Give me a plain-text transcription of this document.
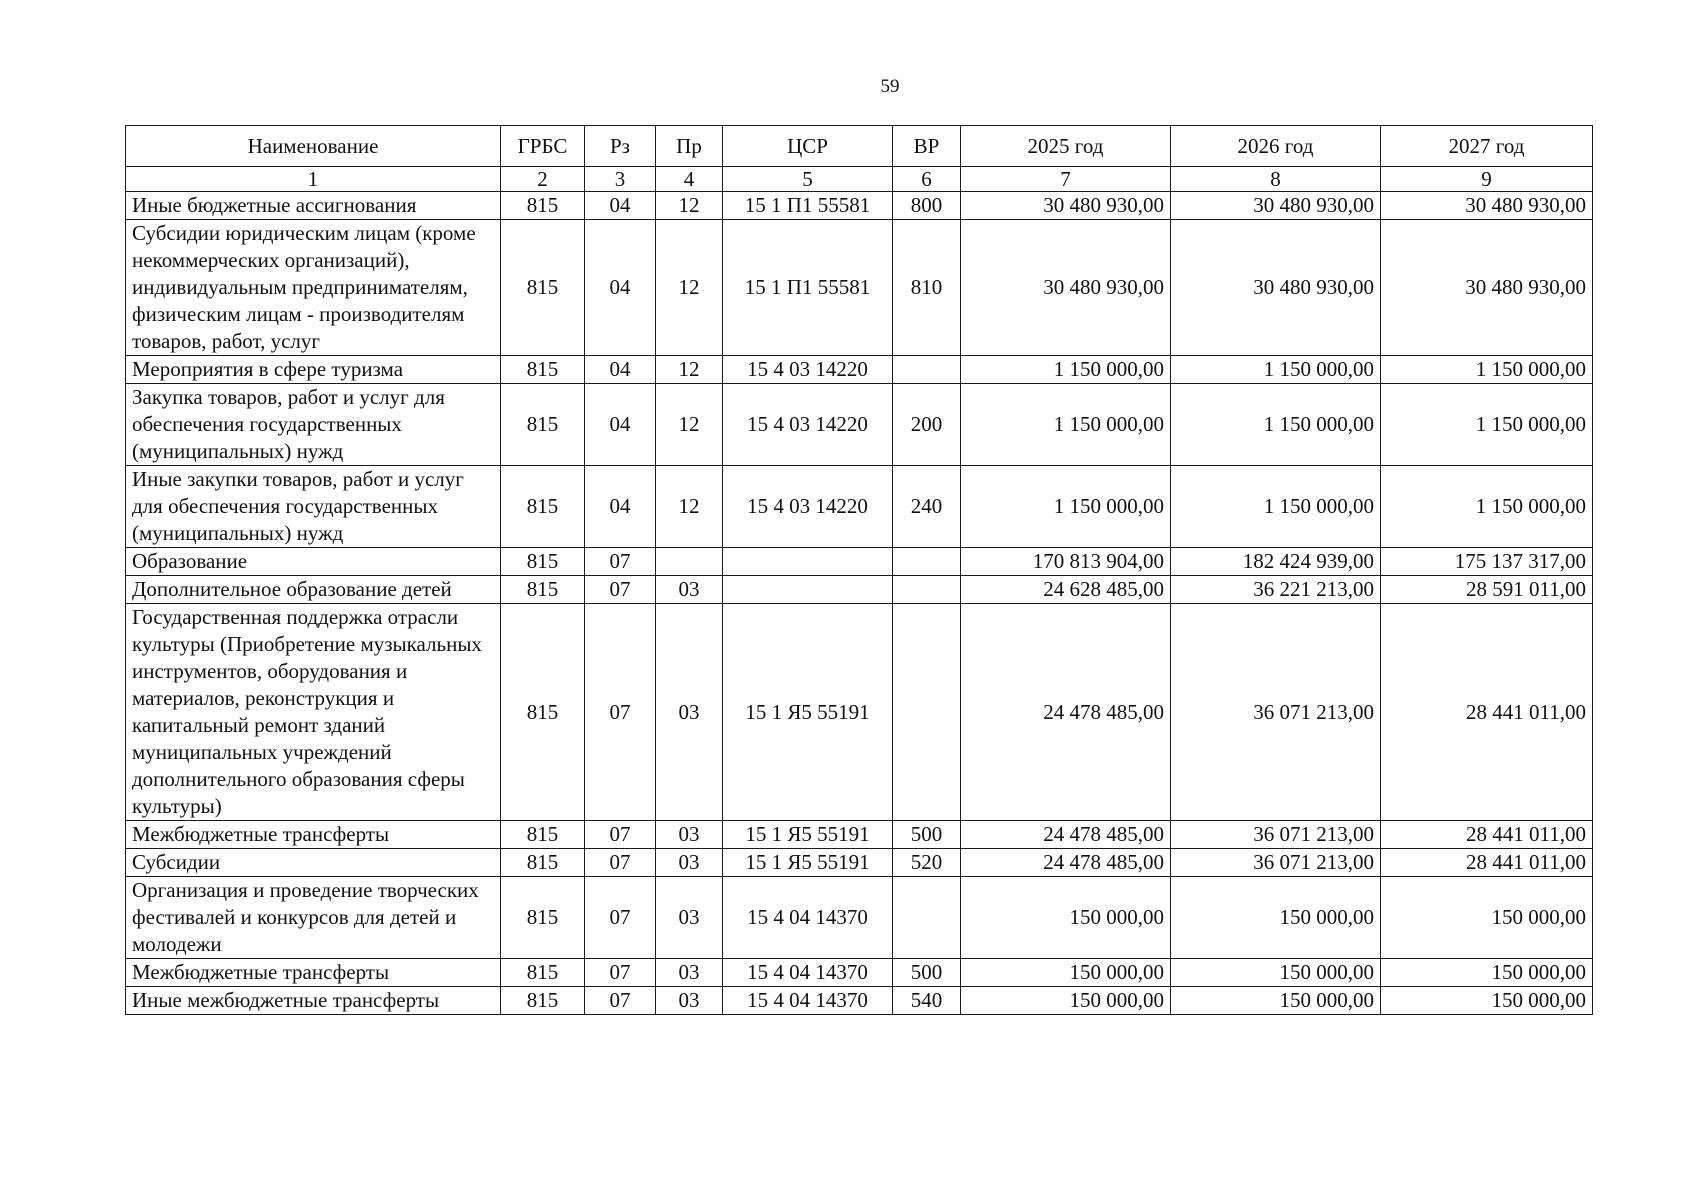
59
Наименование	ГРБС	Рз	Пр	ЦСР	ВР	2025 год	2026 год	2027 год
1	2	3	4	5	6	7	8	9
Иные бюджетные ассигнования	815	04	12	15 1 П1 55581	800	30 480 930,00	30 480 930,00	30 480 930,00
Субсидии юридическим лицам (кроме некоммерческих организаций), индивидуальным предпринимателям, физическим лицам - производителям товаров, работ, услуг	815	04	12	15 1 П1 55581	810	30 480 930,00	30 480 930,00	30 480 930,00
Мероприятия в сфере туризма	815	04	12	15 4 03 14220		1 150 000,00	1 150 000,00	1 150 000,00
Закупка товаров, работ и услуг для обеспечения государственных (муниципальных) нужд	815	04	12	15 4 03 14220	200	1 150 000,00	1 150 000,00	1 150 000,00
Иные закупки товаров, работ и услуг для обеспечения государственных (муниципальных) нужд	815	04	12	15 4 03 14220	240	1 150 000,00	1 150 000,00	1 150 000,00
Образование	815	07				170 813 904,00	182 424 939,00	175 137 317,00
Дополнительное образование детей	815	07	03			24 628 485,00	36 221 213,00	28 591 011,00
Государственная поддержка отрасли культуры (Приобретение музыкальных инструментов, оборудования и материалов, реконструкция и капитальный ремонт зданий муниципальных учреждений дополнительного образования сферы культуры)	815	07	03	15 1 Я5 55191		24 478 485,00	36 071 213,00	28 441 011,00
Межбюджетные трансферты	815	07	03	15 1 Я5 55191	500	24 478 485,00	36 071 213,00	28 441 011,00
Субсидии	815	07	03	15 1 Я5 55191	520	24 478 485,00	36 071 213,00	28 441 011,00
Организация и проведение творческих фестивалей и конкурсов для детей и молодежи	815	07	03	15 4 04 14370		150 000,00	150 000,00	150 000,00
Межбюджетные трансферты	815	07	03	15 4 04 14370	500	150 000,00	150 000,00	150 000,00
Иные межбюджетные трансферты	815	07	03	15 4 04 14370	540	150 000,00	150 000,00	150 000,00
